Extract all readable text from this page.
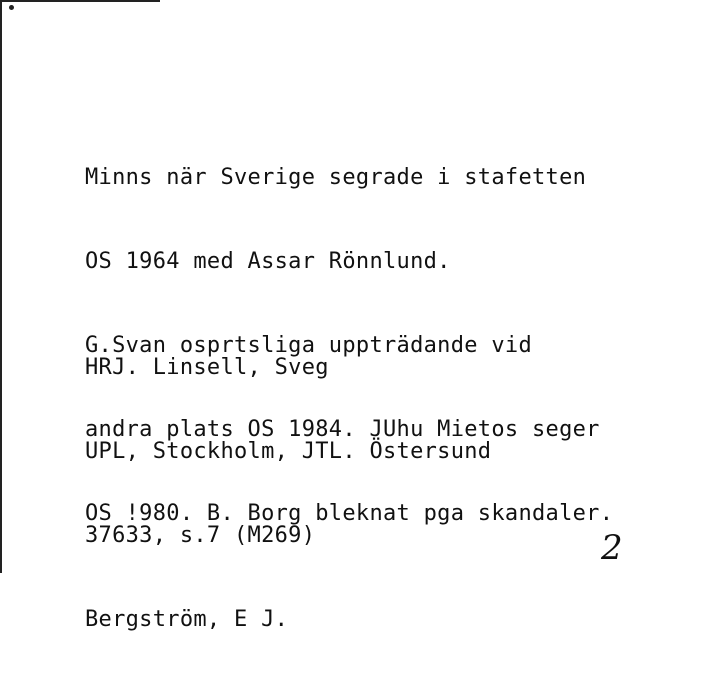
Minns när Sverige segrade i stafetten

OS 1964 med Assar Rönnlund.

G.Svan osprtsliga uppträdande vid

andra plats OS 1984. JUhu Mietos seger

OS !980. B. Borg bleknat pga skandaler.

HRJ. Linsell, Sveg

UPL, Stockholm, JTL. Östersund

37633, s.7 (M269)

Bergström, E J.

2
